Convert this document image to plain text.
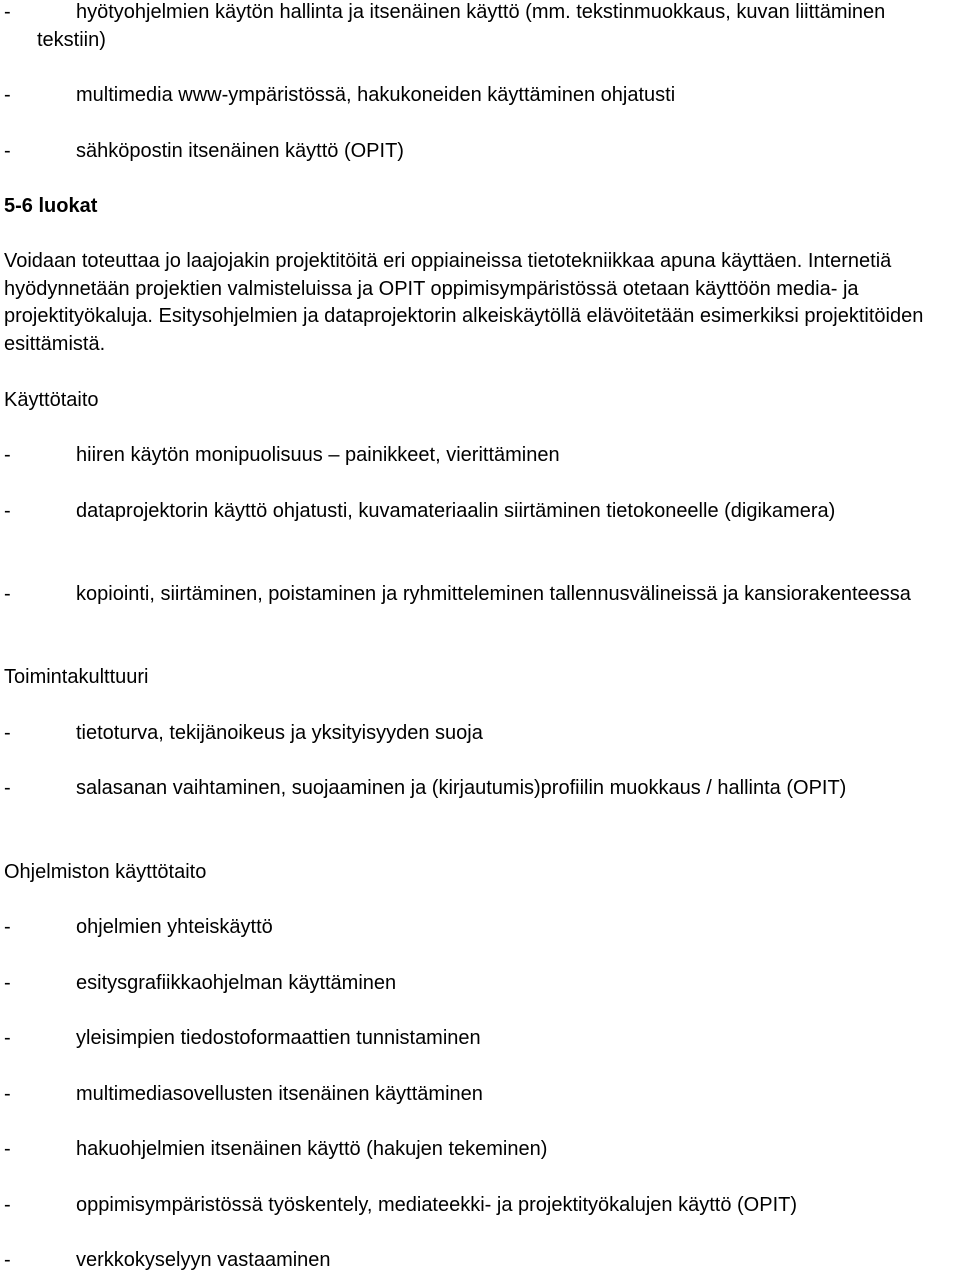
-	hyötyohjelmien käytön hallinta ja itsenäinen käyttö (mm. tekstinmuokkaus, kuvan liittäminen tekstiin)
-	multimedia www-ympäristössä, hakukoneiden käyttäminen ohjatusti
-	sähköpostin itsenäinen käyttö (OPIT)
5-6 luokat
Voidaan toteuttaa jo laajojakin projektitöitä eri oppiaineissa tietotekniikkaa apuna käyttäen. Internetiä hyödynnetään projektien valmisteluissa ja OPIT oppimisympäristössä otetaan käyttöön media- ja projektityökaluja. Esitysohjelmien ja dataprojektorin alkeiskäytöllä elävöitetään esimerkiksi projektitöiden esittämistä.
Käyttötaito
-	hiiren käytön monipuolisuus – painikkeet, vierittäminen
-	dataprojektorin käyttö ohjatusti, kuvamateriaalin siirtäminen tietokoneelle (digikamera)
-	kopiointi, siirtäminen, poistaminen ja ryhmitteleminen tallennusvälineissä ja kansiorakenteessa
Toimintakulttuuri
-	tietoturva, tekijänoikeus ja yksityisyyden suoja
-	salasanan vaihtaminen, suojaaminen ja (kirjautumis)profiilin muokkaus / hallinta (OPIT)
Ohjelmiston käyttötaito
-	ohjelmien yhteiskäyttö
-	esitysgrafiikkaohjelman käyttäminen
-	yleisimpien tiedostoformaattien tunnistaminen
-	multimediasovellusten itsenäinen käyttäminen
-	hakuohjelmien itsenäinen käyttö (hakujen tekeminen)
-	oppimisympäristössä työskentely, mediateekki- ja projektityökalujen käyttö (OPIT)
-	verkkokyselyyn vastaaminen
